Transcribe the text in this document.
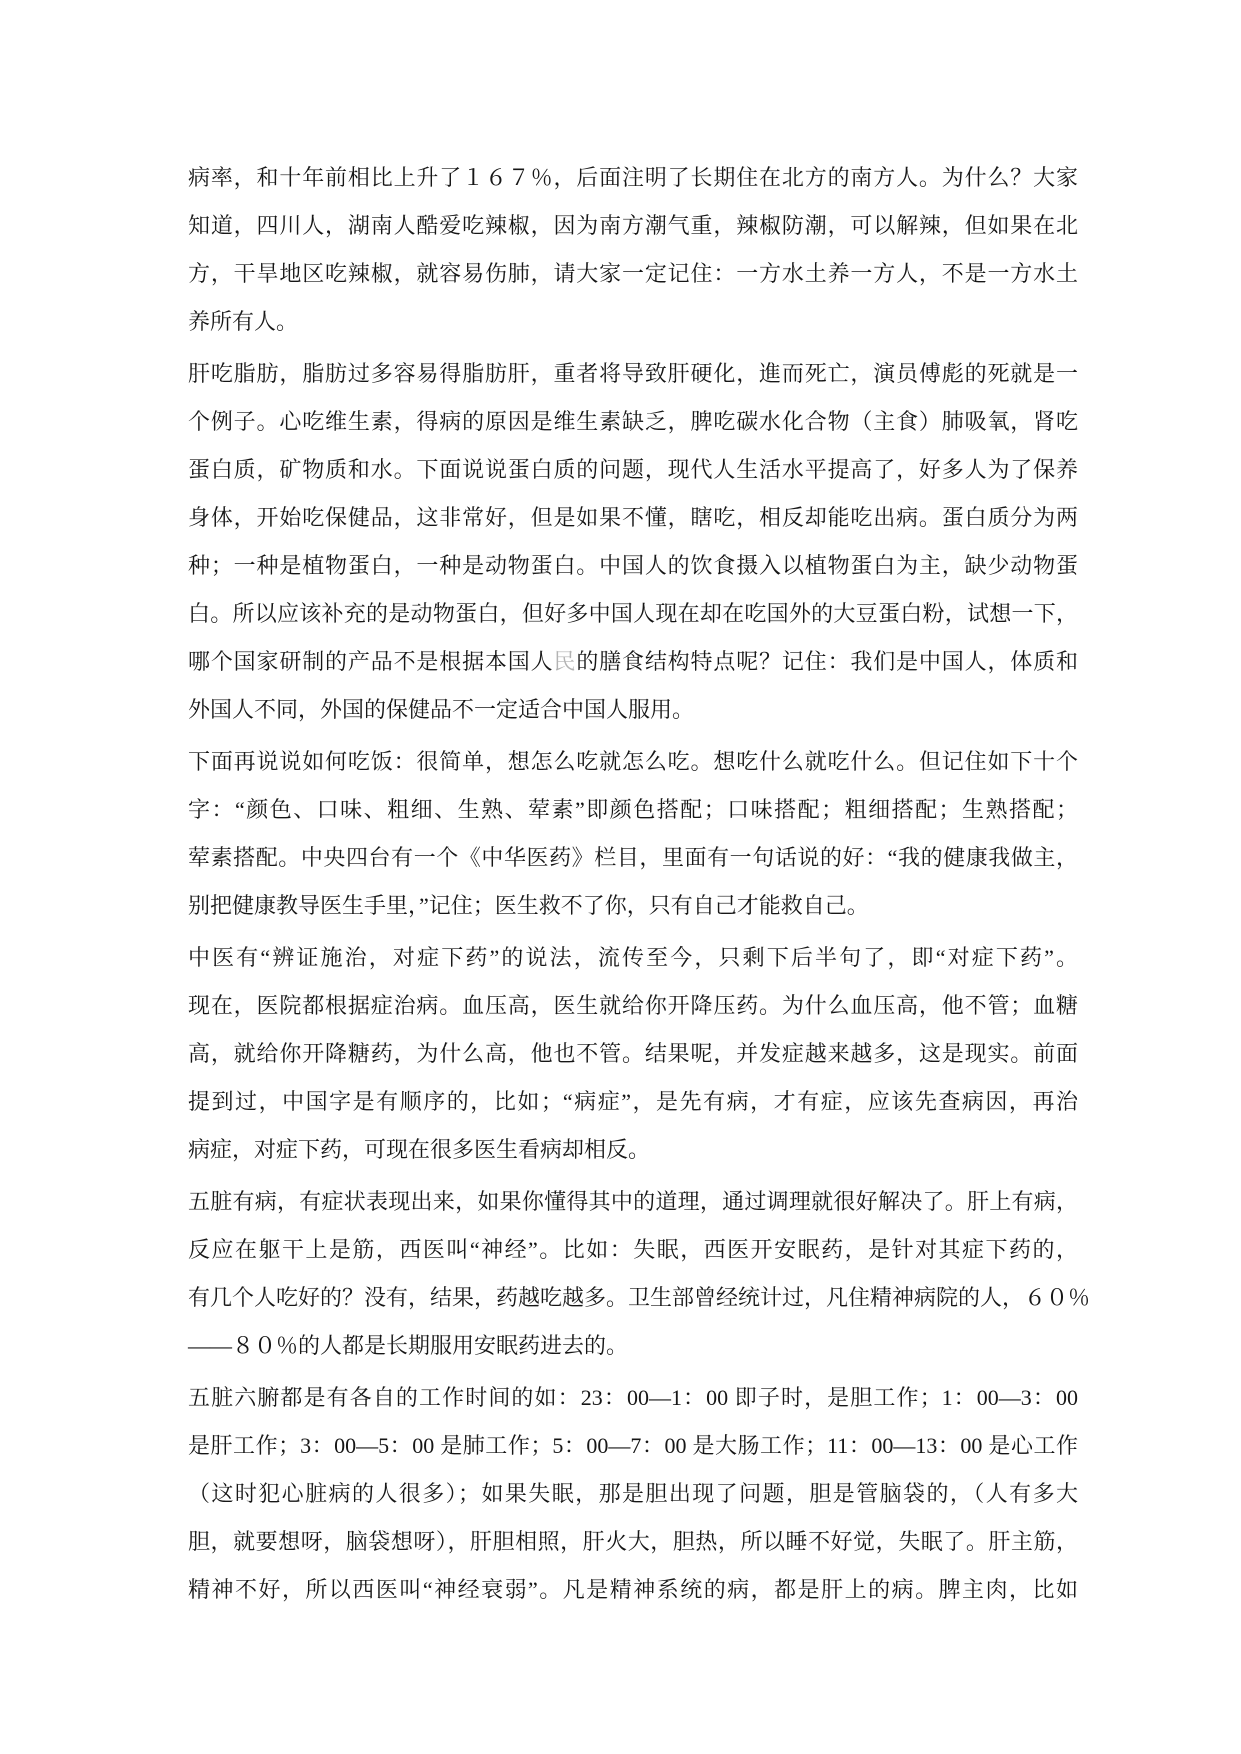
病率，和十年前相比上升了１６７％，后面注明了长期住在北方的南方人。为什么？大家
知道，四川人，湖南人酷爱吃辣椒，因为南方潮气重，辣椒防潮，可以解辣，但如果在北
方，干旱地区吃辣椒，就容易伤肺，请大家一定记住：一方水土养一方人，不是一方水土
养所有人。
肝吃脂肪，脂肪过多容易得脂肪肝，重者将导致肝硬化，進而死亡，演员傅彪的死就是一
个例子。心吃维生素，得病的原因是维生素缺乏，脾吃碳水化合物（主食）肺吸氧，肾吃
蛋白质，矿物质和水。下面说说蛋白质的问题，现代人生活水平提高了，好多人为了保养
身体，开始吃保健品，这非常好，但是如果不懂，瞎吃，相反却能吃出病。蛋白质分为两
种；一种是植物蛋白，一种是动物蛋白。中国人的饮食摄入以植物蛋白为主，缺少动物蛋
白。所以应该补充的是动物蛋白，但好多中国人现在却在吃国外的大豆蛋白粉，试想一下，
哪个国家研制的产品不是根据本国人民的膳食结构特点呢？记住：我们是中国人，体质和
外国人不同，外国的保健品不一定适合中国人服用。
下面再说说如何吃饭：很简单，想怎么吃就怎么吃。想吃什么就吃什么。但记住如下十个
字：“颜色、口味、粗细、生熟、荤素”即颜色搭配；口味搭配；粗细搭配；生熟搭配；
荤素搭配。中央四台有一个《中华医药》栏目，里面有一句话说的好：“我的健康我做主，
别把健康教导医生手里，”记住；医生救不了你，只有自己才能救自己。
中医有“辨证施治，对症下药”的说法，流传至今，只剩下后半句了，即“对症下药”。
现在，医院都根据症治病。血压高，医生就给你开降压药。为什么血压高，他不管；血糖
高，就给你开降糖药，为什么高，他也不管。结果呢，并发症越来越多，这是现实。前面
提到过，中国字是有顺序的，比如；“病症”，是先有病，才有症，应该先查病因，再治
病症，对症下药，可现在很多医生看病却相反。
五脏有病，有症状表现出来，如果你懂得其中的道理，通过调理就很好解决了。肝上有病，
反应在躯干上是筋，西医叫“神经”。比如：失眠，西医开安眠药，是针对其症下药的，
有几个人吃好的？没有，结果，药越吃越多。卫生部曾经统计过，凡住精神病院的人，６０％
——８０％的人都是长期服用安眠药进去的。
五脏六腑都是有各自的工作时间的如：23：00—1：00 即子时，是胆工作；1：00—3：00
是肝工作；3：00—5：00 是肺工作；5：00—7：00 是大肠工作；11：00—13：00 是心工作
（这时犯心脏病的人很多）；如果失眠，那是胆出现了问题，胆是管脑袋的，（人有多大
胆，就要想呀，脑袋想呀），肝胆相照，肝火大，胆热，所以睡不好觉，失眠了。肝主筋，
精神不好，所以西医叫“神经衰弱”。凡是精神系统的病，都是肝上的病。脾主肉，比如
